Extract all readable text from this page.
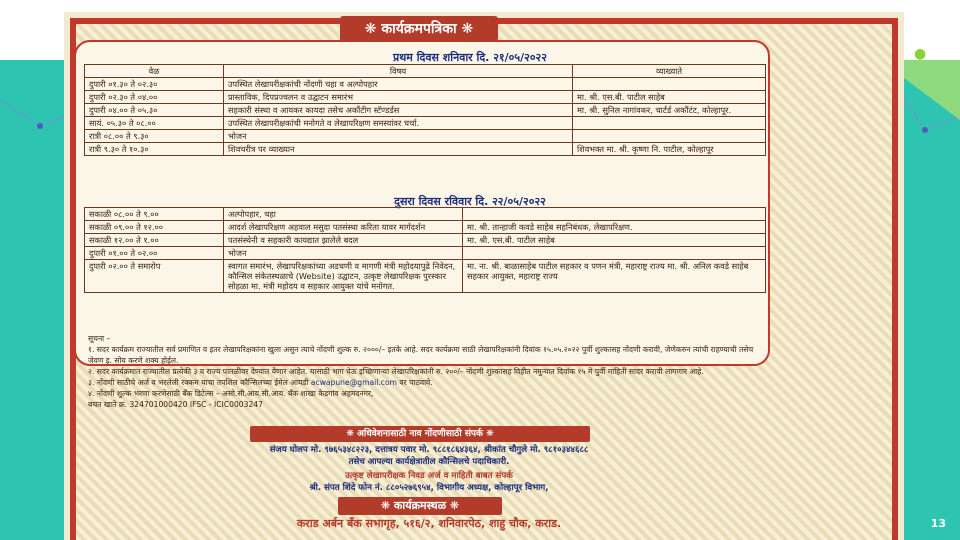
●
❋ कार्यक्रमपत्रिका ❋
प्रथम दिवस शनिवार दि. २१/०५/२०२२
वेळ	विषय	व्याख्याते
दुपारी ०१.३० ते ०२.३०	उपस्थित लेखापरीक्षकांची नोंदणी चहा व अल्पोपहार	
दुपारी ०२.३० ते ०४.००	प्रास्ताविक, दिपप्रज्वलन व उद्घाटन समारंभ	मा. श्री. एस.बी. पाटील साहेब
दुपारी ०४.०० ते ०५.३०	सहकारी संस्था व आयकर कायदा तसेच अकौंटीग स्टॅण्डर्डस	मा. श्री. सुनिल नागांवकर, चार्टर्ड अकौंटंट, कोल्हापूर.
सायं. ०५.३० ते ०८.००	उपस्थित लेखापरीक्षकांची मनोगते व लेखापरिक्षण समस्यांवर चर्चा.	
रात्री ०८.०० ते ९.३०	भोजन	
रात्री ९.३० ते १०.३०	शिवचरीत्र पर व्याख्यान	शिवभक्त मा. श्री. कृष्णा नि. पाटील, कोल्हापूर
दुसरा दिवस रविवार दि. २२/०५/२०२२
सकाळी ०८.०० ते ९.००	अल्पोपहार, चहा	
सकाळी ०९.०० ते १२.००	आदर्श लेखापरिक्षण अहवाल मसुदा पतसंस्था करिता यावर मार्गदर्शन	मा. श्री. तान्हाजी कवडे साहेब सहनिबंधक, लेखापरिक्षण.
सकाळी १२.०० ते १.००	पतसंस्थेनी व सहकारी कायद्यात झालेले बदल	मा. श्री. एस.बी. पाटील साहेब
दुपारी ०१.०० ते ०२.००	भोजन	
दुपारी ०२.०० ते समारोप	स्वागत समारंभ, लेखापरिक्षकांच्या अडचणी व मागणी मंत्री महोदयापुढे निवेदन, कौन्सिल संकेतस्थळाचे (Website) उद्घाटन, उत्कृष्ट लेखापरिक्षक पुरस्कार सोहळा मा. मंत्री महोदय व सहकार आयुक्त यांचे मनोगत.	मा. ना. श्री. बाळासाहेब पाटील सहकार व पणन मंत्री, महाराष्ट्र राज्य मा. श्री. अनिल कवडे साहेब सहकार आयुक्त, महाराष्ट्र राज्य

सूचना –

१. सदर कार्यक्रम राज्यातील सर्व प्रमाणित व इतर लेखापरिक्षकांना खुला असुन त्याचे नोंदणी शुल्क रु. २०००/– इतके आहे. सदर कार्यक्रमा साठी लेखापरिक्षकांनी दिवांक १५.०५.२०२२ पुर्वी शुल्कासह नोंदणी करावी, जेणेकरुन त्यांची राहण्याची तसेच जेवण इ. सोय करणे शक्य होईल.

२. सदर कार्यक्रमात राज्यातील प्रत्येकी ३ व राज्य पातळीवर देण्यात येणार आहेत. यासाठी भाग घेऊ इच्छिणाऱ्या लेखापरिक्षकांनी रु. २००/– नोंदणी शुल्कासह विहीत नमुन्यात दिवांक १५ मे पुर्वी माहिती सादर करावी लागणार आहे.

३. नोंदणी साठीचे अर्ज व भरलेली रक्कम याचा तपशिल कौन्सिलच्या ईमेल आयडी acwapune@gmail.com वर पाठवावे.

४. नोंदणी शुल्क भरणा करणेसाठी बँक डिटेल्स – असो.सी.आय.सी.आय. बँक शाखा केडगांव अहमदनगर,

बचत खाते क्र. 324701000420 IFSC - ICIC0003247

❋ अधिवेशनासाठी नाव नोंदणीसाठी संपर्क ❋
संजय घोलप मो. ९७६५३४८२२३, दत्तात्रय पवार मो. ९८८१८६४३६४, श्रीकांत चौगुले मो. ९८१०३४४६८८
तसेच आपल्या कार्यक्षेत्रातील कौन्सिलचे पदाधिकारी.
उत्कृष्ट लेखापरीक्षक निवड अर्ज व माहिती बाबत संपर्क
श्री. संपत शिंदे फोन नं. ८८०५२७६९५४, विभागीय अध्यक्ष, कोल्हापूर विभाग,
❋ कार्यक्रमस्थळ ❋
कराड अर्बन बँक सभागृह, ५१६/२, शनिवारपेठ, शाहु चौक, कराड.	13
